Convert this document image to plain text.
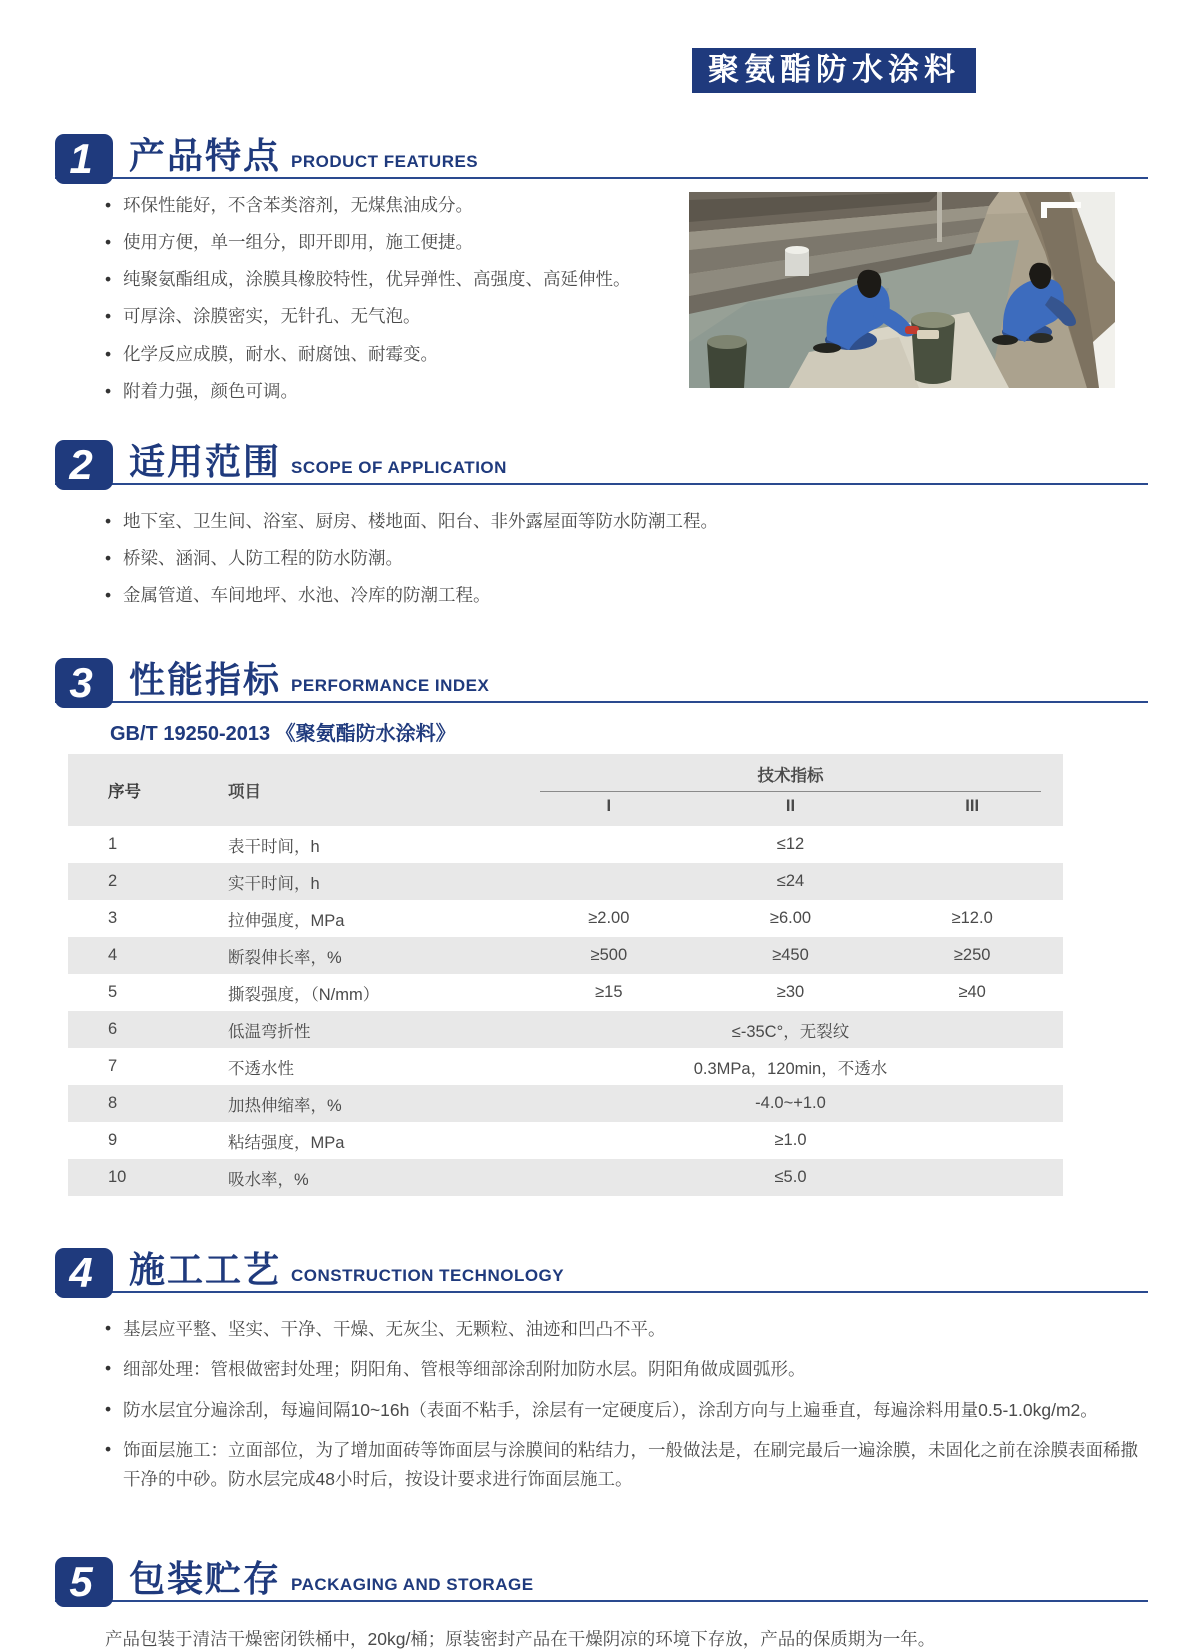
聚氨酯防水涂料
1	产品特点 PRODUCT FEATURES
• 环保性能好，不含苯类溶剂，无煤焦油成分。
• 使用方便，单一组分，即开即用，施工便捷。
• 纯聚氨酯组成，涂膜具橡胶特性，优异弹性、高强度、高延伸性。
• 可厚涂、涂膜密实，无针孔、无气泡。
• 化学反应成膜，耐水、耐腐蚀、耐霉变。
• 附着力强，颜色可调。
2	适用范围 SCOPE OF APPLICATION
• 地下室、卫生间、浴室、厨房、楼地面、阳台、非外露屋面等防水防潮工程。
• 桥梁、涵洞、人防工程的防水防潮。
• 金属管道、车间地坪、水池、冷库的防潮工程。
3	性能指标 PERFORMANCE INDEX
GB/T 19250-2013 《聚氨酯防水涂料》
序号	项目
技术指标
I	II	III
1	表干时间，h	≤12
2	实干时间，h	≤24
3	拉伸强度，MPa	≥2.00	≥6.00	≥12.0
4	断裂伸长率，%	≥500	≥450	≥250
5	撕裂强度，（N/mm）	≥15	≥30	≥40
6	低温弯折性	≤-35C°，无裂纹
7	不透水性	0.3MPa，120min，不透水
8	加热伸缩率，%	-4.0~+1.0
9	粘结强度，MPa	≥1.0
10	吸水率，%	≤5.0
4	施工工艺 CONSTRUCTION TECHNOLOGY
• 基层应平整、坚实、干净、干燥、无灰尘、无颗粒、油迹和凹凸不平。
• 细部处理：管根做密封处理；阴阳角、管根等细部涂刮附加防水层。阴阳角做成圆弧形。
• 防水层宜分遍涂刮，每遍间隔10~16h（表面不粘手，涂层有一定硬度后），涂刮方向与上遍垂直，每遍涂料用量0.5-1.0kg/m2。
• 饰面层施工：立面部位，为了增加面砖等饰面层与涂膜间的粘结力，一般做法是，在刷完最后一遍涂膜，未固化之前在涂膜表面稀撒干净的中砂。防水层完成48小时后，按设计要求进行饰面层施工。
5	包装贮存 PACKAGING AND STORAGE
产品包装于清洁干燥密闭铁桶中，20kg/桶；原装密封产品在干燥阴凉的环境下存放，产品的保质期为一年。
